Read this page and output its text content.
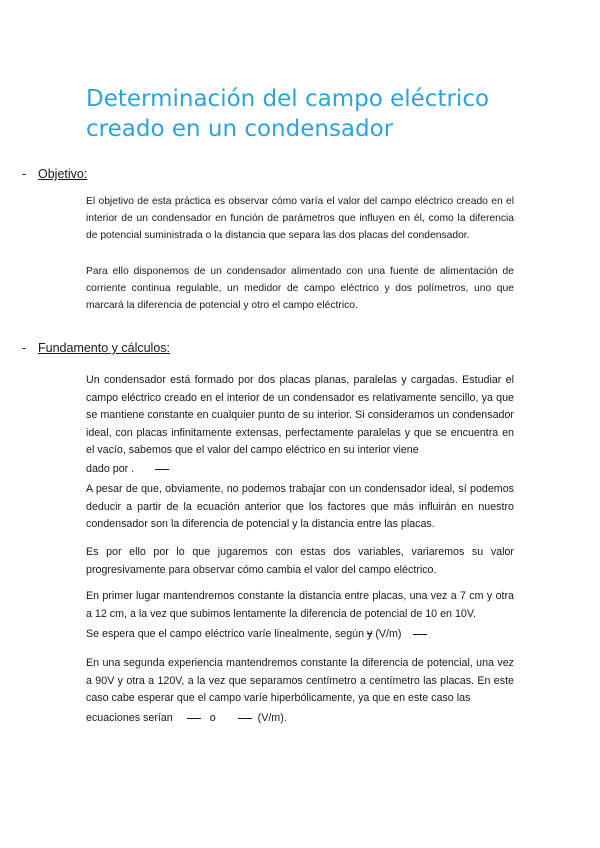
Determinación del campo eléctrico creado en un condensador
- Objetivo:

El objetivo de esta práctica es observar cómo varía el valor del campo eléctrico creado en el interior de un condensador en función de parámetros que influyen en él, como la diferencia de potencial suministrada o la distancia que separa las dos placas del condensador.

Para ello disponemos de un condensador alimentado con una fuente de alimentación de corriente continua regulable, un medidor de campo eléctrico y dos polímetros, uno que marcará la diferencia de potencial y otro el campo eléctrico.

- Fundamento y cálculos:

Un condensador está formado por dos placas planas, paralelas y cargadas. Estudiar el campo eléctrico creado en el interior de un condensador es relativamente sencillo, ya que se mantiene constante en cualquier punto de su interior. Si consideramos un condensador ideal, con placas infinitamente extensas, perfectamente paralelas y que se encuentra en el vacío, sabemos que el valor del campo eléctrico en su interior viene

dado por .

A pesar de que, obviamente, no podemos trabajar con un condensador ideal, sí podemos deducir a partir de la ecuación anterior que los factores que más influirán en nuestro condensador son la diferencia de potencial y la distancia entre las placas.

Es por ello por lo que jugaremos con estas dos variables, variaremos su valor progresivamente para observar cómo cambia el valor del campo eléctrico.

En primer lugar mantendremos constante la distancia entre placas, una vez a 7 cm y otra a 12 cm, a la vez que subimos lentamente la diferencia de potencial de 10 en 10V.

Se espera que el campo eléctrico varíe linealmente, según y (V/m)

En una segunda experiencia mantendremos constante la diferencia de potencial, una vez a 90V y otra a 120V, a la vez que separamos centímetro a centímetro las placas. En este caso cabe esperar que el campo varíe hiperbólicamente, ya que en este caso las

ecuaciones serían	o	(V/m).
